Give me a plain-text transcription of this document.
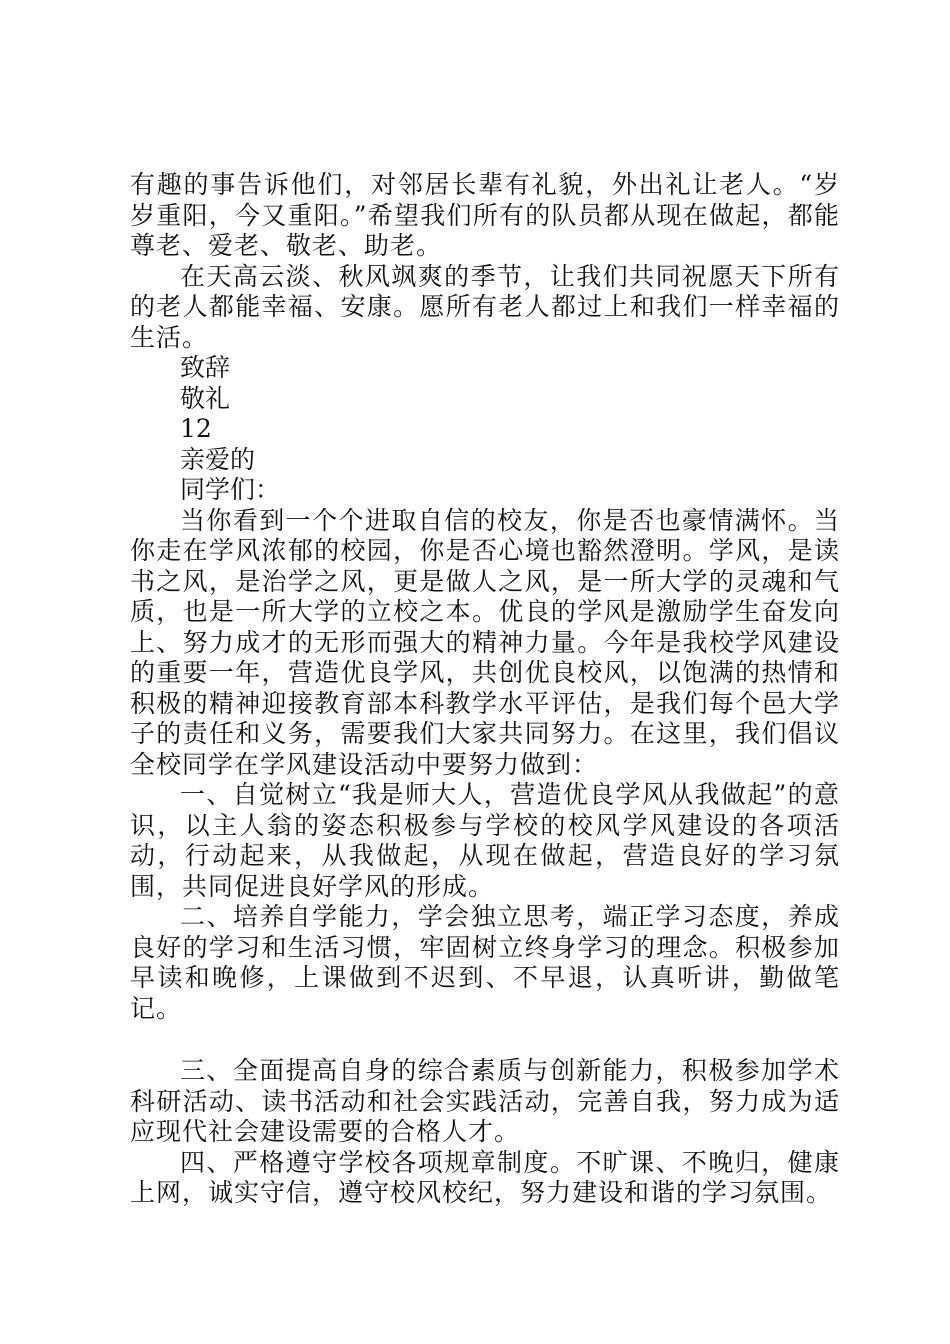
有趣的事告诉他们，对邻居长辈有礼貌，外出礼让老人。“岁岁重阳，今又重阳。”希望我们所有的队员都从现在做起，都能尊老、爱老、敬老、助老。

在天高云淡、秋风飒爽的季节，让我们共同祝愿天下所有的老人都能幸福、安康。愿所有老人都过上和我们一样幸福的生活。

致辞

敬礼

12

亲爱的

同学们：

当你看到一个个进取自信的校友，你是否也豪情满怀。当你走在学风浓郁的校园，你是否心境也豁然澄明。学风，是读书之风，是治学之风，更是做人之风，是一所大学的灵魂和气质，也是一所大学的立校之本。优良的学风是激励学生奋发向上、努力成才的无形而强大的精神力量。今年是我校学风建设的重要一年，营造优良学风，共创优良校风，以饱满的热情和积极的精神迎接教育部本科教学水平评估，是我们每个邑大学子的责任和义务，需要我们大家共同努力。在这里，我们倡议全校同学在学风建设活动中要努力做到：

一、自觉树立“我是师大人，营造优良学风从我做起”的意识，以主人翁的姿态积极参与学校的校风学风建设的各项活动，行动起来，从我做起，从现在做起，营造良好的学习氛围，共同促进良好学风的形成。

二、培养自学能力，学会独立思考，端正学习态度，养成良好的学习和生活习惯，牢固树立终身学习的理念。积极参加早读和晚修，上课做到不迟到、不早退，认真听讲，勤做笔记。

三、全面提高自身的综合素质与创新能力，积极参加学术科研活动、读书活动和社会实践活动，完善自我，努力成为适应现代社会建设需要的合格人才。

四、严格遵守学校各项规章制度。不旷课、不晚归，健康上网，诚实守信，遵守校风校纪，努力建设和谐的学习氛围。
